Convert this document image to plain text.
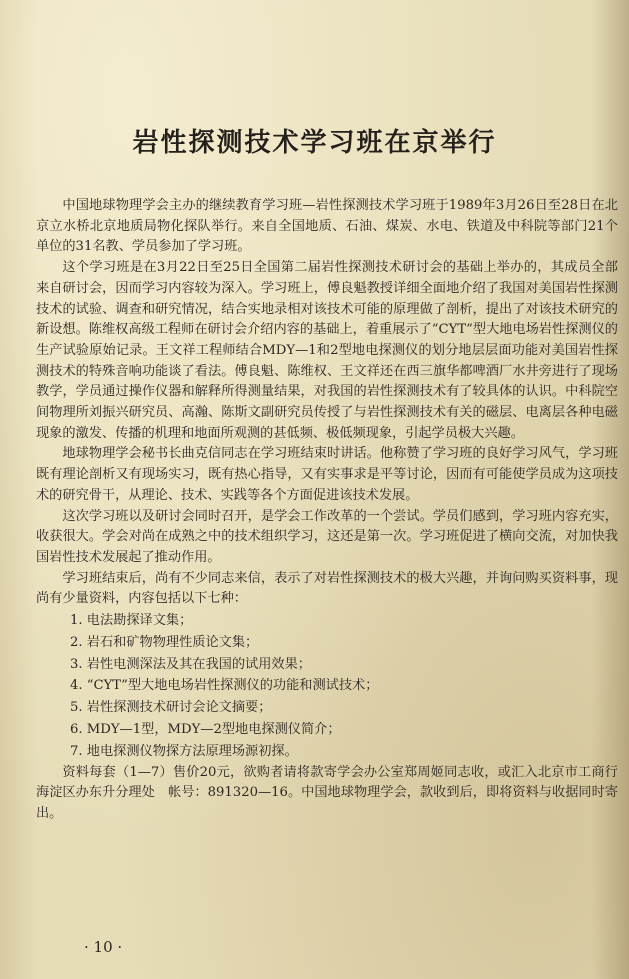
岩性探测技术学习班在京举行

中国地球物理学会主办的继续教育学习班—岩性探测技术学习班于1989年3月26日至28日在北京立水桥北京地质局物化探队举行。来自全国地质、石油、煤炭、水电、铁道及中科院等部门21个单位的31名教、学员参加了学习班。

这个学习班是在3月22日至25日全国第二届岩性探测技术研讨会的基础上举办的，其成员全部来自研讨会，因而学习内容较为深入。学习班上，傅良魁教授详细全面地介绍了我国对美国岩性探测技术的试验、调查和研究情况，结合实地录相对该技术可能的原理做了剖析，提出了对该技术研究的新设想。陈维权高级工程师在研讨会介绍内容的基础上，着重展示了“CYT”型大地电场岩性探测仪的生产试验原始记录。王文祥工程师结合MDY—1和2型地电探测仪的划分地层层面功能对美国岩性探测技术的特殊音响功能谈了看法。傅良魁、陈维权、王文祥还在西三旗华都啤酒厂水井旁进行了现场教学，学员通过操作仪器和解释所得测量结果，对我国的岩性探测技术有了较具体的认识。中科院空间物理所刘振兴研究员、高瀚、陈斯文副研究员传授了与岩性探测技术有关的磁层、电离层各种电磁现象的激发、传播的机理和地面所观测的甚低频、极低频现象，引起学员极大兴趣。

地球物理学会秘书长曲克信同志在学习班结束时讲话。他称赞了学习班的良好学习风气，学习班既有理论剖析又有现场实习，既有热心指导，又有实事求是平等讨论，因而有可能使学员成为这项技术的研究骨干，从理论、技术、实践等各个方面促进该技术发展。

这次学习班以及研讨会同时召开，是学会工作改革的一个尝试。学员们感到，学习班内容充实，收获很大。学会对尚在成熟之中的技术组织学习，这还是第一次。学习班促进了横向交流，对加快我国岩性技术发展起了推动作用。

学习班结束后，尚有不少同志来信，表示了对岩性探测技术的极大兴趣，并询问购买资料事，现尚有少量资料，内容包括以下七种：

1. 电法勘探译文集；
2. 岩石和矿物物理性质论文集；
3. 岩性电测深法及其在我国的试用效果；
4. “CYT”型大地电场岩性探测仪的功能和测试技术；
5. 岩性探测技术研讨会论文摘要；
6. MDY—1型，MDY—2型地电探测仪简介；
7. 地电探测仪物探方法原理场源初探。

资料每套（1—7）售价20元，欲购者请将款寄学会办公室郑周姬同志收，或汇入北京市工商行海淀区办东升分理处　帐号：891320—16。中国地球物理学会，款收到后，即将资料与收据同时寄出。

· 10 ·
